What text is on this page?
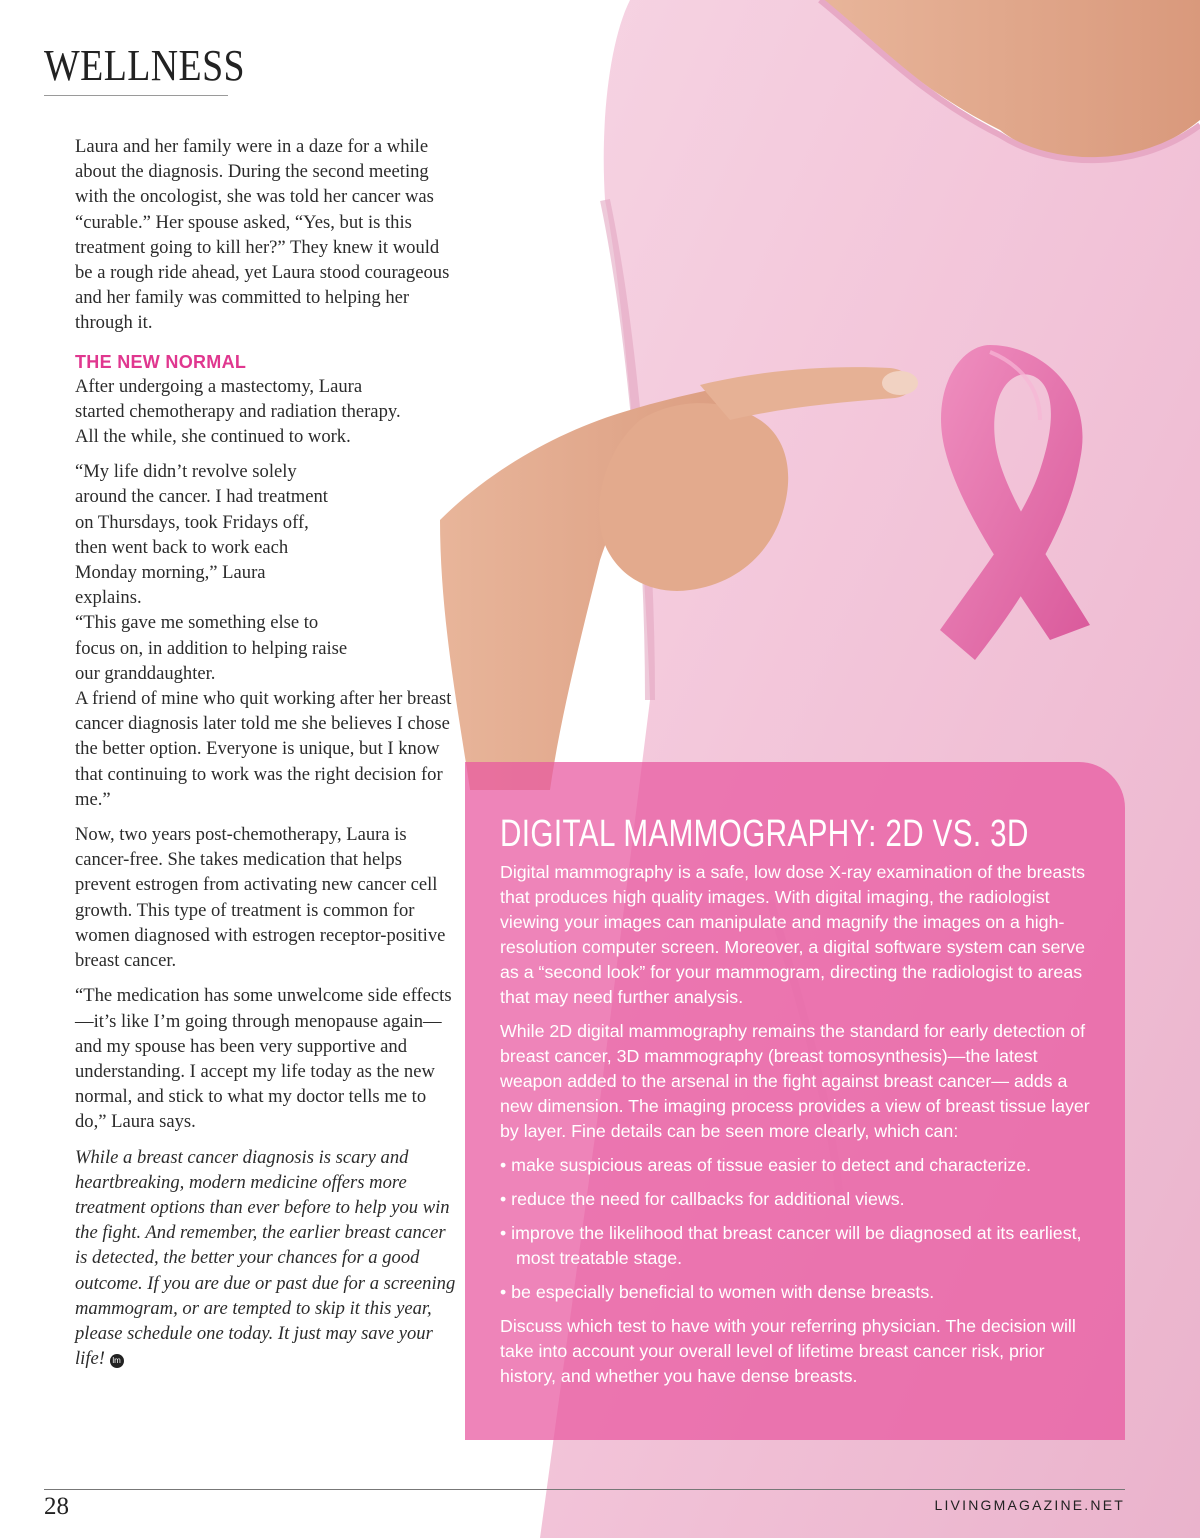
WELLNESS

Laura and her family were in a daze for a while about the diagnosis. During the second meeting with the oncologist, she was told her cancer was “curable.” Her spouse asked, “Yes, but is this treatment going to kill her?” They knew it would be a rough ride ahead, yet Laura stood courageous and her family was committed to helping her through it.

THE NEW NORMAL

After undergoing a mastectomy, Laura started chemotherapy and radiation therapy. All the while, she continued to work.

“My life didn’t revolve solely around the cancer. I had treatment on Thursdays, took Fridays off, then went back to work each Monday morning,” Laura explains.
“This gave me something else to focus on, in addition to helping raise our granddaughter.
A friend of mine who quit working after her breast cancer diagnosis later told me she believes I chose the better option. Everyone is unique, but I know that continuing to work was the right decision for me.”

Now, two years post-chemotherapy, Laura is cancer-free. She takes medication that helps prevent estrogen from activating new cancer cell growth. This type of treatment is common for women diagnosed with estrogen receptor-positive breast cancer.

“The medication has some unwelcome side effects—it’s like I’m going through menopause again—and my spouse has been very supportive and understanding. I accept my life today as the new normal, and stick to what my doctor tells me to do,” Laura says.

While a breast cancer diagnosis is scary and heartbreaking, modern medicine offers more treatment options than ever before to help you win the fight. And remember, the earlier breast cancer is detected, the better your chances for a good outcome. If you are due or past due for a screening mammogram, or are tempted to skip it this year, please schedule one today. It just may save your life! lm

DIGITAL MAMMOGRAPHY: 2D VS. 3D

Digital mammography is a safe, low dose X-ray examination of the breasts that produces high quality images. With digital imaging, the radiologist viewing your images can manipulate and magnify the images on a high-resolution computer screen. Moreover, a digital software system can serve as a “second look” for your mammogram, directing the radiologist to areas that may need further analysis.

While 2D digital mammography remains the standard for early detection of breast cancer, 3D mammography (breast tomosynthesis)—the latest weapon added to the arsenal in the fight against breast cancer— adds a new dimension. The imaging process provides a view of breast tissue layer by layer. Fine details can be seen more clearly, which can:

• make suspicious areas of tissue easier to detect and characterize.
• reduce the need for callbacks for additional views.
• improve the likelihood that breast cancer will be diagnosed at its earliest, most treatable stage.
• be especially beneficial to women with dense breasts.

Discuss which test to have with your referring physician. The decision will take into account your overall level of lifetime breast cancer risk, prior history, and whether you have dense breasts.

28	LIVINGMAGAZINE.NET
